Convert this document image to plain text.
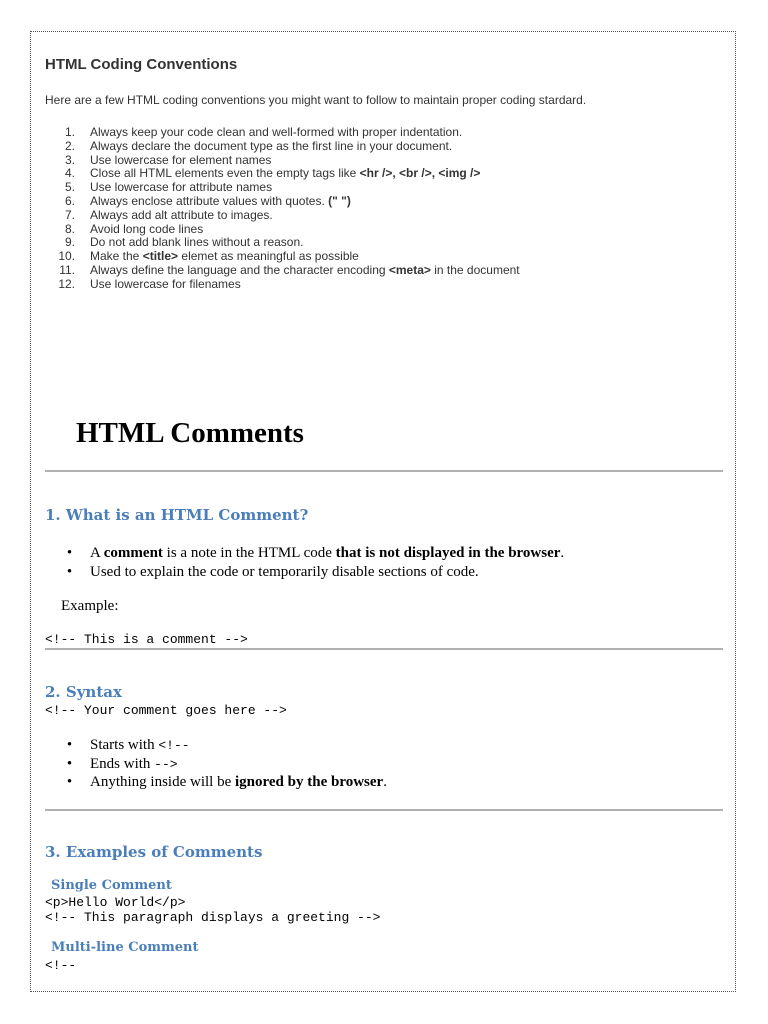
HTML Coding Conventions

Here are a few HTML coding conventions you might want to follow to maintain proper coding stardard.

1. Always keep your code clean and well-formed with proper indentation.
2. Always declare the document type as the first line in your document.
3. Use lowercase for element names
4. Close all HTML elements even the empty tags like <hr />, <br />, <img />
5. Use lowercase for attribute names
6. Always enclose attribute values with quotes. (" ")
7. Always add alt attribute to images.
8. Avoid long code lines
9. Do not add blank lines without a reason.
10. Make the <title> elemet as meaningful as possible
11. Always define the language and the character encoding <meta> in the document
12. Use lowercase for filenames
HTML Comments
1. What is an HTML Comment?
• A comment is a note in the HTML code that is not displayed in the browser.
• Used to explain the code or temporarily disable sections of code.

Example:

<!-- This is a comment -->

2. Syntax

<!-- Your comment goes here -->

• Starts with <!--
• Ends with -->
• Anything inside will be ignored by the browser.
3. Examples of Comments
Single Comment

<p>Hello World</p>

<!-- This paragraph displays a greeting -->

Multi-line Comment

<!--
